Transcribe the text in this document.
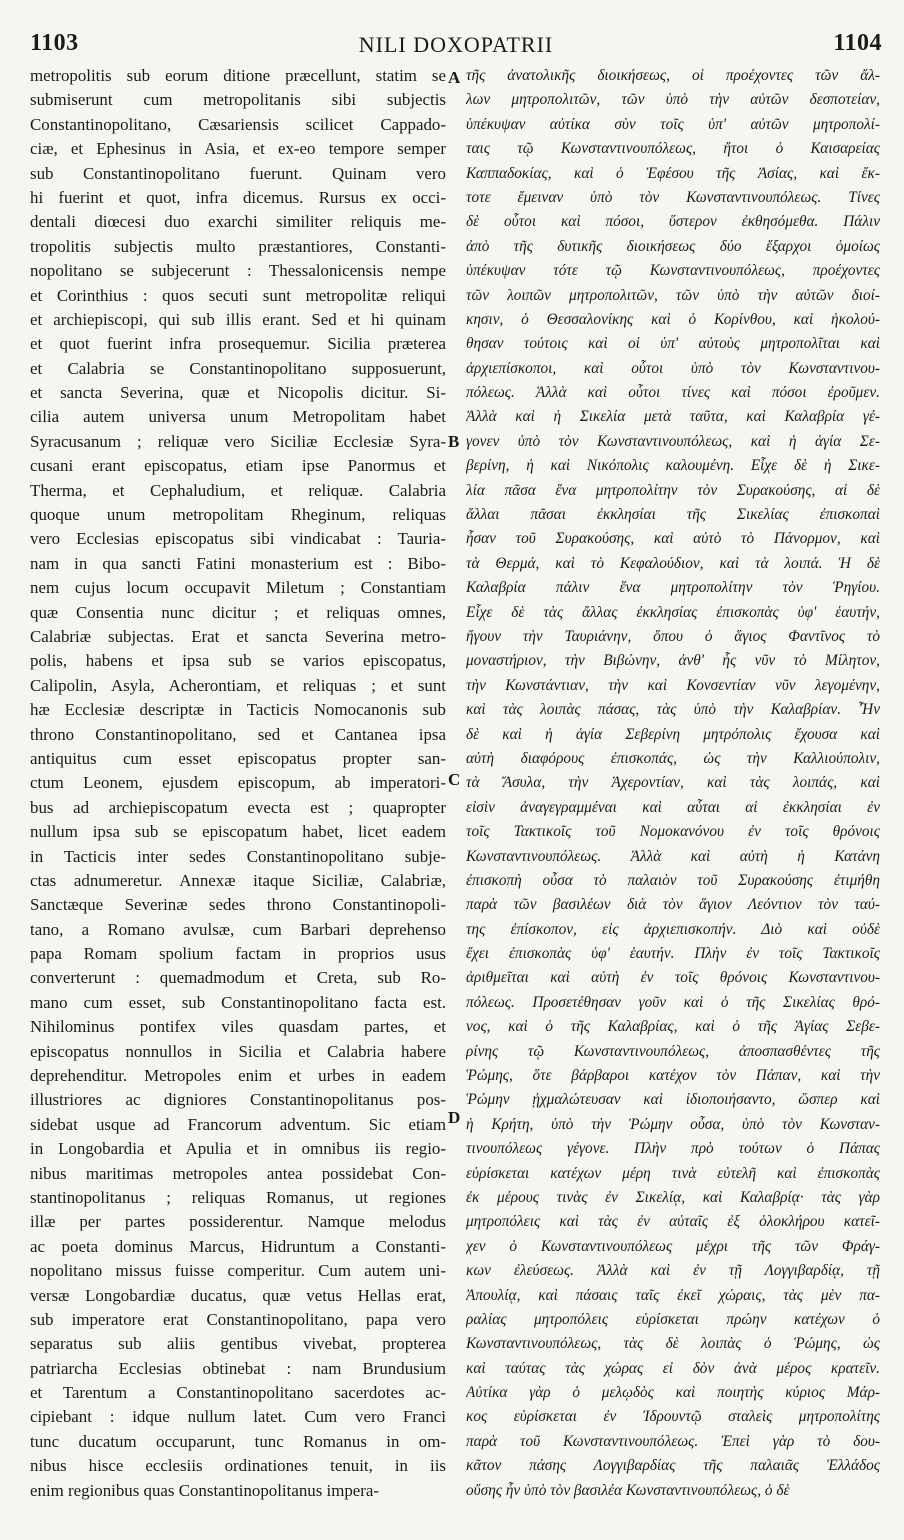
1103	NILI DOXOPATRII	1104
metropolitis sub eorum ditione præcellunt, statim se
submiserunt cum metropolitanis sibi subjectis
Constantinopolitano, Cæsariensis scilicet Cappado-
ciæ, et Ephesinus in Asia, et ex-eo tempore semper
sub Constantinopolitano fuerunt. Quinam vero
hi fuerint et quot, infra dicemus. Rursus ex occi-
dentali diœcesi duo exarchi similiter reliquis me-
tropolitis subjectis multo præstantiores, Constanti-
nopolitano se subjecerunt : Thessalonicensis nempe
et Corinthius : quos secuti sunt metropolitæ reliqui
et archiepiscopi, qui sub illis erant. Sed et hi quinam
et quot fuerint infra prosequemur. Sicilia præterea
et Calabria se Constantinopolitano supposuerunt,
et sancta Severina, quæ et Nicopolis dicitur. Si-
cilia autem universa unum Metropolitam habet
Syracusanum ; reliquæ vero Siciliæ Ecclesiæ Syra-
cusani erant episcopatus, etiam ipse Panormus et
Therma, et Cephaludium, et reliquæ. Calabria
quoque unum metropolitam Rheginum, reliquas
vero Ecclesias episcopatus sibi vindicabat : Tauria-
nam in qua sancti Fatini monasterium est : Bibo-
nem cujus locum occupavit Miletum ; Constantiam
quæ Consentia nunc dicitur ; et reliquas omnes,
Calabriæ subjectas. Erat et sancta Severina metro-
polis, habens et ipsa sub se varios episcopatus,
Calipolin, Asyla, Acherontiam, et reliquas ; et sunt
hæ Ecclesiæ descriptæ in Tacticis Nomocanonis sub
throno Constantinopolitano, sed et Cantanea ipsa
antiquitus cum esset episcopatus propter san-
ctum Leonem, ejusdem episcopum, ab imperatori-
bus ad archiepiscopatum evecta est ; quapropter
nullum ipsa sub se episcopatum habet, licet eadem
in Tacticis inter sedes Constantinopolitano subje-
ctas adnumeretur. Annexæ itaque Siciliæ, Calabriæ,
Sanctæque Severinæ sedes throno Constantinopoli-
tano, a Romano avulsæ, cum Barbari deprehenso
papa Romam spolium factam in proprios usus
converterunt : quemadmodum et Creta, sub Ro-
mano cum esset, sub Constantinopolitano facta est.
Nihilominus pontifex viles quasdam partes, et
episcopatus nonnullos in Sicilia et Calabria habere
deprehenditur. Metropoles enim et urbes in eadem
illustriores ac digniores Constantinopolitanus pos-
sidebat usque ad Francorum adventum. Sic etiam
in Longobardia et Apulia et in omnibus iis regio-
nibus maritimas metropoles antea possidebat Con-
stantinopolitanus ; reliquas Romanus, ut regiones
illæ per partes possiderentur. Namque melodus
ac poeta dominus Marcus, Hidruntum a Constanti-
nopolitano missus fuisse comperitur. Cum autem uni-
versæ Longobardiæ ducatus, quæ vetus Hellas erat,
sub imperatore erat Constantinopolitano, papa vero
separatus sub aliis gentibus vivebat, propterea
patriarcha Ecclesias obtinebat : nam Brundusium
et Tarentum a Constantinopolitano sacerdotes ac-
cipiebant : idque nullum latet. Cum vero Franci
tunc ducatum occuparunt, tunc Romanus in om-
nibus hisce ecclesiis ordinationes tenuit, in iis
enim regionibus quas Constantinopolitanus impera-
τῆς ἀνατολικῆς διοικήσεως, οἱ προέχοντες τῶν ἄλ-
λων μητροπολιτῶν, τῶν ὑπὸ τὴν αὐτῶν δεσποτείαν,
ὑπέκυψαν αὐτίκα σὺν τοῖς ὑπ' αὐτῶν μητροπολί-
ταις τῷ Κωνσταντινουπόλεως, ἤτοι ὁ Καισαρείας
Καππαδοκίας, καὶ ὁ Ἐφέσου τῆς Ἀσίας, καὶ ἔκ-
τοτε ἔμειναν ὑπὸ τὸν Κωνσταντινουπόλεως. Τίνες
δὲ οὗτοι καὶ πόσοι, ὕστερον ἐκθησόμεθα. Πάλιν
ἀπὸ τῆς δυτικῆς διοικήσεως δύο ἔξαρχοι ὁμοίως
ὑπέκυψαν τότε τῷ Κωνσταντινουπόλεως, προέχοντες
τῶν λοιπῶν μητροπολιτῶν, τῶν ὑπὸ τὴν αὐτῶν διοί-
κησιν, ὁ Θεσσαλονίκης καὶ ὁ Κορίνθου, καὶ ἠκολού-
θησαν τούτοις καὶ οἱ ὑπ' αὐτοὺς μητροπολῖται καὶ
ἀρχιεπίσκοποι, καὶ οὗτοι ὑπὸ τὸν Κωνσταντινου-
πόλεως. Ἀλλὰ καὶ οὗτοι τίνες καὶ πόσοι ἐροῦμεν.
Ἀλλὰ καὶ ἡ Σικελία μετὰ ταῦτα, καὶ Καλαβρία γέ-
γονεν ὑπὸ τὸν Κωνσταντινουπόλεως, καὶ ἡ ἁγία Σε-
βερίνη, ἡ καὶ Νικόπολις καλουμένη. Εἶχε δὲ ἡ Σικε-
λία πᾶσα ἕνα μητροπολίτην τὸν Συρακούσης, αἱ δὲ
ἄλλαι πᾶσαι ἐκκλησίαι τῆς Σικελίας ἐπισκοπαὶ
ἦσαν τοῦ Συρακούσης, καὶ αὐτὸ τὸ Πάνορμον, καὶ
τὰ Θερμά, καὶ τὸ Κεφαλούδιον, καὶ τὰ λοιπά. Ἡ δὲ
Καλαβρία πάλιν ἕνα μητροπολίτην τὸν Ῥηγίου.
Εἶχε δὲ τὰς ἄλλας ἐκκλησίας ἐπισκοπὰς ὑφ' ἑαυτήν,
ἤγουν τὴν Ταυριάνην, ὅπου ὁ ἅγιος Φαντῖνος τὸ
μοναστήριον, τὴν Βιβώνην, ἀνθ' ἧς νῦν τὸ Μίλητον,
τὴν Κωνστάντιαν, τὴν καὶ Κονσεντίαν νῦν λεγομένην,
καὶ τὰς λοιπὰς πάσας, τὰς ὑπὸ τὴν Καλαβρίαν. Ἦν
δὲ καὶ ἡ ἁγία Σεβερίνη μητρόπολις ἔχουσα καὶ
αὐτὴ διαφόρους ἐπισκοπάς, ὡς τὴν Καλλιούπολιν,
τὰ Ἄσυλα, τὴν Ἀχεροντίαν, καὶ τὰς λοιπάς, καὶ
εἰσὶν ἀναγεγραμμέναι καὶ αὗται αἱ ἐκκλησίαι ἐν
τοῖς Τακτικοῖς τοῦ Νομοκανόνου ἐν τοῖς θρόνοις
Κωνσταντινουπόλεως. Ἀλλὰ καὶ αὐτὴ ἡ Κατάνη
ἐπισκοπὴ οὖσα τὸ παλαιὸν τοῦ Συρακούσης ἐτιμήθη
παρὰ τῶν βασιλέων διὰ τὸν ἅγιον Λεόντιον τὸν ταύ-
της ἐπίσκοπον, εἰς ἀρχιεπισκοπήν. Διὸ καὶ οὐδὲ
ἔχει ἐπισκοπὰς ὑφ' ἑαυτήν. Πλὴν ἐν τοῖς Τακτικοῖς
ἀριθμεῖται καὶ αὐτὴ ἐν τοῖς θρόνοις Κωνσταντινου-
πόλεως. Προσετέθησαν γοῦν καὶ ὁ τῆς Σικελίας θρό-
νος, καὶ ὁ τῆς Καλαβρίας, καὶ ὁ τῆς Ἁγίας Σεβε-
ρίνης τῷ Κωνσταντινουπόλεως, ἀποσπασθέντες τῆς
Ῥώμης, ὅτε βάρβαροι κατέχον τὸν Πάπαν, καὶ τὴν
Ῥώμην ᾐχμαλώτευσαν καὶ ἰδιοποιήσαντο, ὥσπερ καὶ
ἡ Κρήτη, ὑπὸ τὴν Ῥώμην οὖσα, ὑπὸ τὸν Κωνσταν-
τινουπόλεως γέγονε. Πλὴν πρὸ τούτων ὁ Πάπας
εὑρίσκεται κατέχων μέρη τινὰ εὐτελῆ καὶ ἐπισκοπὰς
ἐκ μέρους τινὰς ἐν Σικελίᾳ, καὶ Καλαβρίᾳ· τὰς γὰρ
μητροπόλεις καὶ τὰς ἐν αὐταῖς ἐξ ὁλοκλήρου κατεῖ-
χεν ὁ Κωνσταντινουπόλεως μέχρι τῆς τῶν Φράγ-
κων ἐλεύσεως. Ἀλλὰ καὶ ἐν τῇ Λογγιβαρδίᾳ, τῇ
Ἀπουλίᾳ, καὶ πάσαις ταῖς ἐκεῖ χώραις, τὰς μὲν πα-
ραλίας μητροπόλεις εὑρίσκεται πρώην κατέχων ὁ
Κωνσταντινουπόλεως, τὰς δὲ λοιπὰς ὁ Ῥώμης, ὡς
καὶ ταύτας τὰς χώρας εἰ δὸν ἀνὰ μέρος κρατεῖν.
Αὐτίκα γὰρ ὁ μελῳδὸς καὶ ποιητὴς κύριος Μάρ-
κος εὑρίσκεται ἐν Ἰδρουντῷ σταλεὶς μητροπολίτης
παρὰ τοῦ Κωνσταντινουπόλεως. Ἐπεὶ γὰρ τὸ δου-
κᾶτον πάσης Λογγιβαρδίας τῆς παλαιᾶς Ἑλλάδος
οὔσης ἦν ὑπὸ τὸν βασιλέα Κωνσταντινουπόλεως, ὁ δὲ
A
B
C
D
